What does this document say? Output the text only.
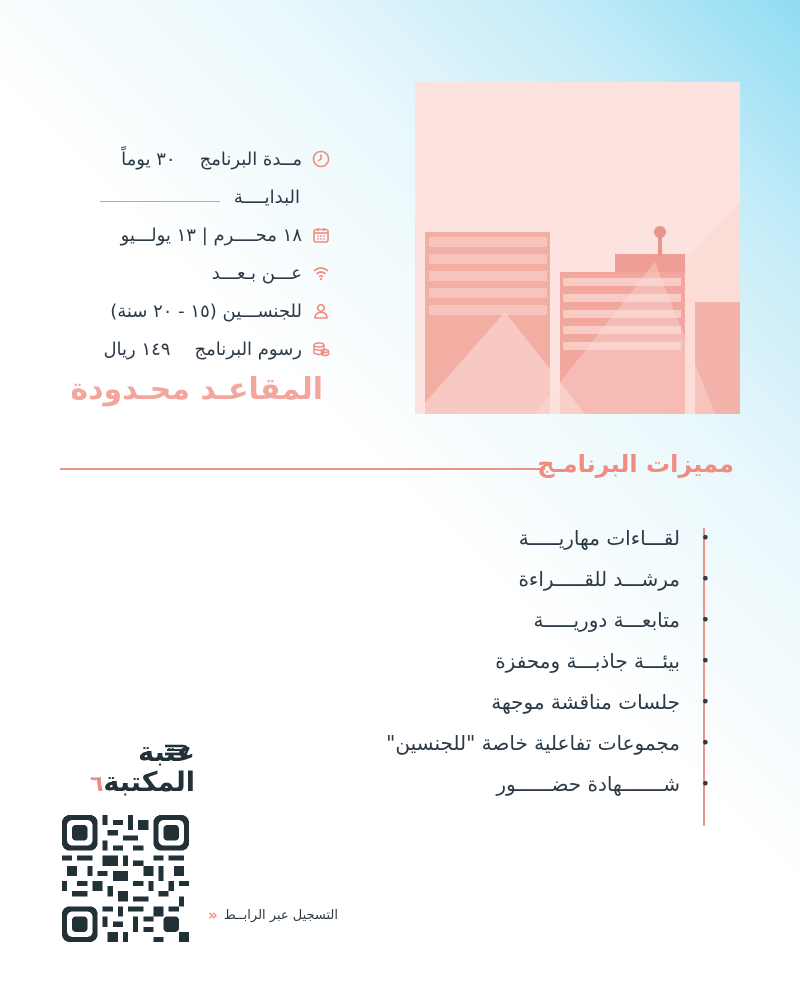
مــدة البرنامج
٣٠ يوماً
البدايــــة
١٨ محــــرم | ١٣ يولـــيو
عـــن بـعـــد
للجنســـين (١٥ - ٢٠ سنة)
رسوم البرنامج
١٤٩ ريال
المقاعـد محـدودة
مميزات البرنامـج
• لقـــاءات مهاريـــــة
• مرشـــد للقـــــراءة
• متابعـــة دوريـــــة
• بيئـــة جاذبـــة ومحفزة
• جلسات مناقشة موجهة
• مجموعات تفاعلية خاصة "للجنسين"
• شـــــــهادة حضــــــور
عتبة
المكتبة٦
التسجيل عبر الرابــط
«
